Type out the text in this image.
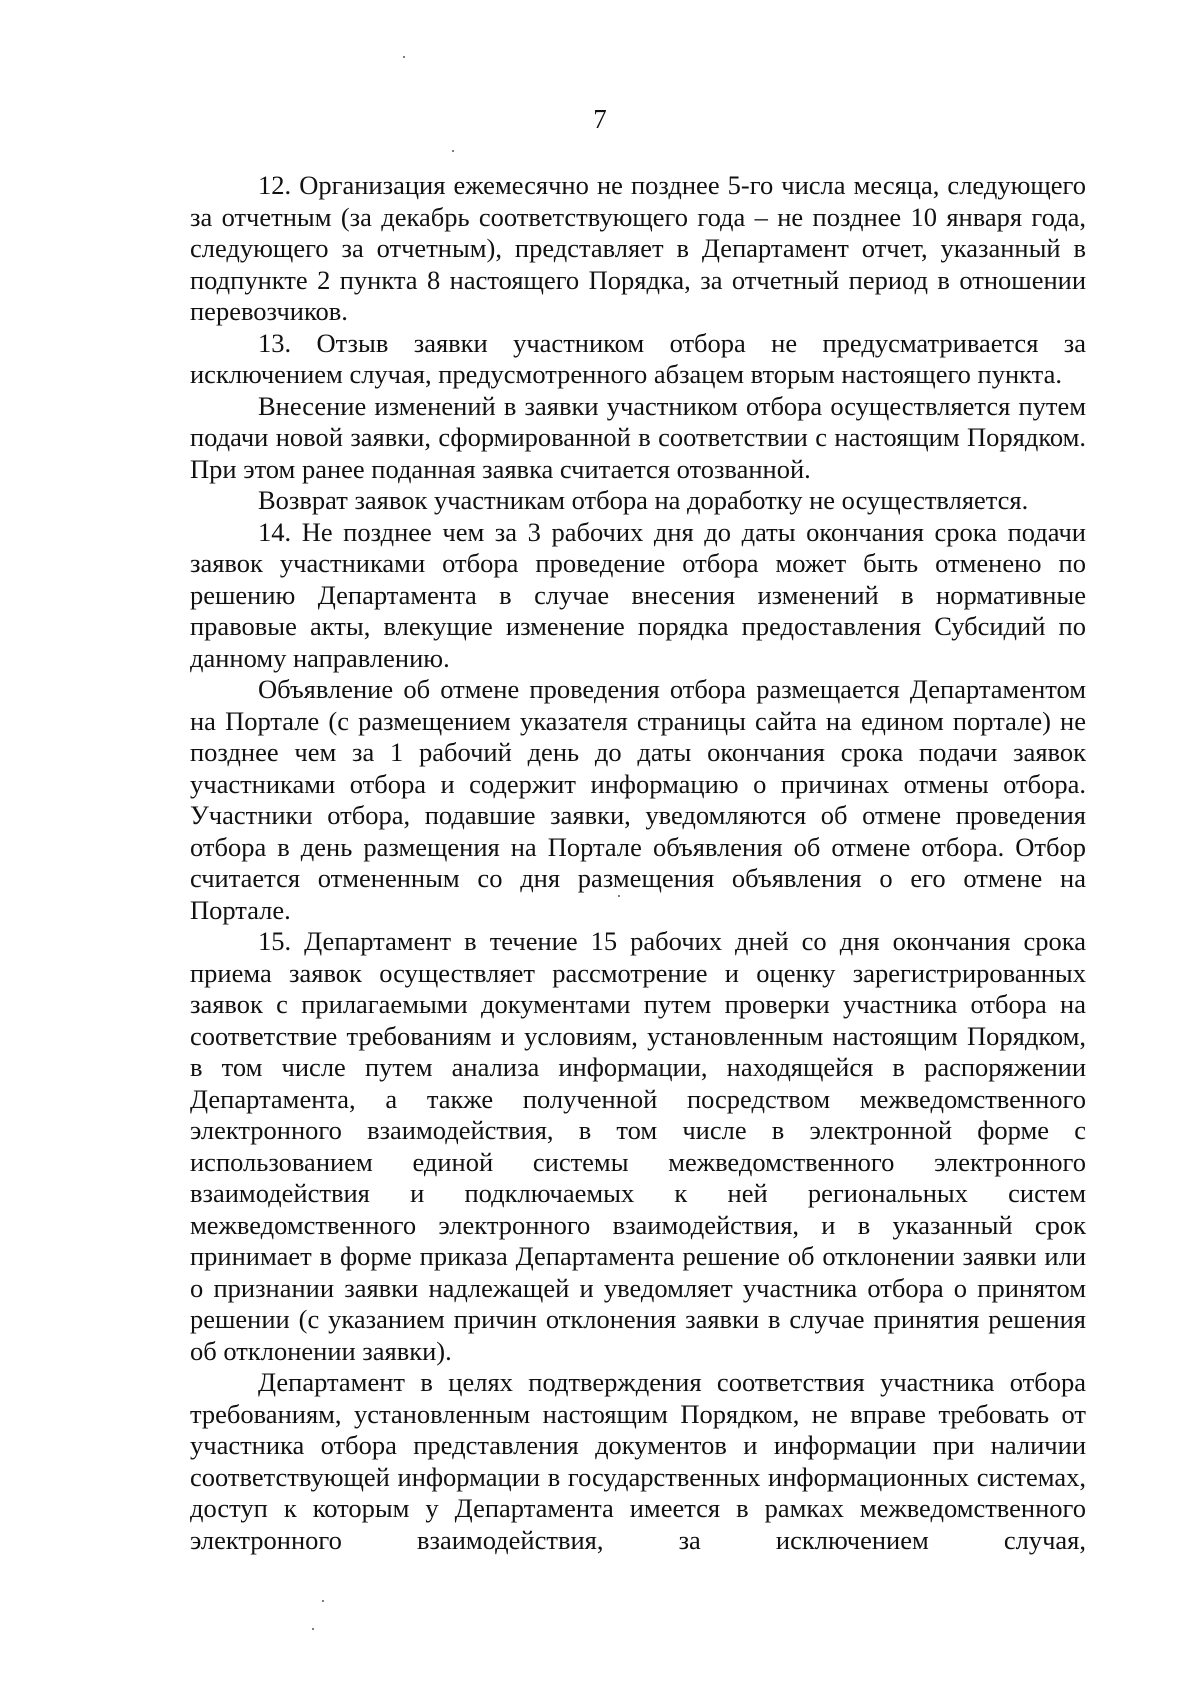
7

12. Организация ежемесячно не позднее 5-го числа месяца, следующего за отчетным (за декабрь соответствующего года – не позднее 10 января года, следующего за отчетным), представляет в Департамент отчет, указанный в подпункте 2 пункта 8 настоящего Порядка, за отчетный период в отношении перевозчиков.

13. Отзыв заявки участником отбора не предусматривается за исключением случая, предусмотренного абзацем вторым настоящего пункта.

Внесение изменений в заявки участником отбора осуществляется путем подачи новой заявки, сформированной в соответствии с настоящим Порядком. При этом ранее поданная заявка считается отозванной.

Возврат заявок участникам отбора на доработку не осуществляется.

14. Не позднее чем за 3 рабочих дня до даты окончания срока подачи заявок участниками отбора проведение отбора может быть отменено по решению Департамента в случае внесения изменений в нормативные правовые акты, влекущие изменение порядка предоставления Субсидий по данному направлению.

Объявление об отмене проведения отбора размещается Департаментом на Портале (с размещением указателя страницы сайта на едином портале) не позднее чем за 1 рабочий день до даты окончания срока подачи заявок участниками отбора и содержит информацию о причинах отмены отбора. Участники отбора, подавшие заявки, уведомляются об отмене проведения отбора в день размещения на Портале объявления об отмене отбора. Отбор считается отмененным со дня размещения объявления о его отмене на Портале.

15. Департамент в течение 15 рабочих дней со дня окончания срока приема заявок осуществляет рассмотрение и оценку зарегистрированных заявок с прилагаемыми документами путем проверки участника отбора на соответствие требованиям и условиям, установленным настоящим Порядком, в том числе путем анализа информации, находящейся в распоряжении Департамента, а также полученной посредством межведомственного электронного взаимодействия, в том числе в электронной форме с использованием единой системы межведомственного электронного взаимодействия и подключаемых к ней региональных систем межведомственного электронного взаимодействия, и в указанный срок принимает в форме приказа Департамента решение об отклонении заявки или о признании заявки надлежащей и уведомляет участника отбора о принятом решении (с указанием причин отклонения заявки в случае принятия решения об отклонении заявки).

Департамент в целях подтверждения соответствия участника отбора требованиям, установленным настоящим Порядком, не вправе требовать от участника отбора представления документов и информации при наличии соответствующей информации в государственных информационных системах, доступ к которым у Департамента имеется в рамках межведомственного электронного взаимодействия, за исключением случая,
